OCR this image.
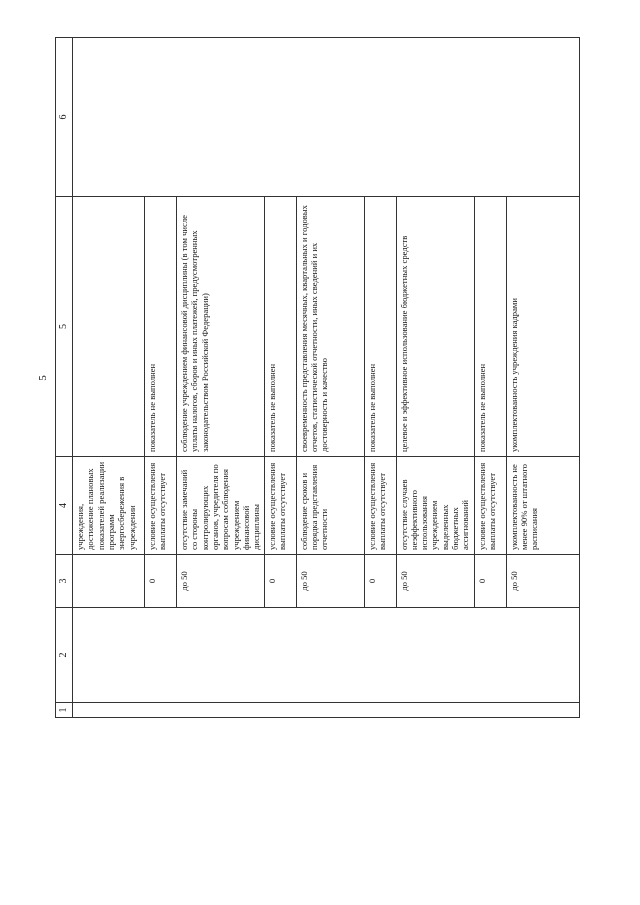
5
1	2	3	4	5	6
			учреждения, достижение плановых показателей реализации программ энергосбережения в учреждении		
		0	условие осуществления выплаты отсутствует	показатель не выполнен	
		до 50	отсутствие замечаний со стороны контролирующих органов, учредителя по вопросам соблюдения учреждением финансовой дисциплины	соблюдение учреждением финансовой дисциплины (в том числе уплаты налогов, сборов и иных платежей, предусмотренных законодательством Российской Федерации)	
		0	условие осуществления выплаты отсутствует	показатель не выполнен	
		до 50	соблюдение сроков и порядка представления отчетности	своевременность представления месячных, квартальных и годовых отчетов, статистической отчетности, иных сведений и их достоверность и качество	
		0	условие осуществления выплаты отсутствует	показатель не выполнен	
		до 50	отсутствие случаев неэффективного использования учреждением выделенных бюджетных ассигнований	целевое и эффективное использование бюджетных средств	
		0	условие осуществления выплаты отсутствует	показатель не выполнен	
		до 50	укомплектованность не менее 90% от штатного расписания	укомплектованность учреждения кадрами	
